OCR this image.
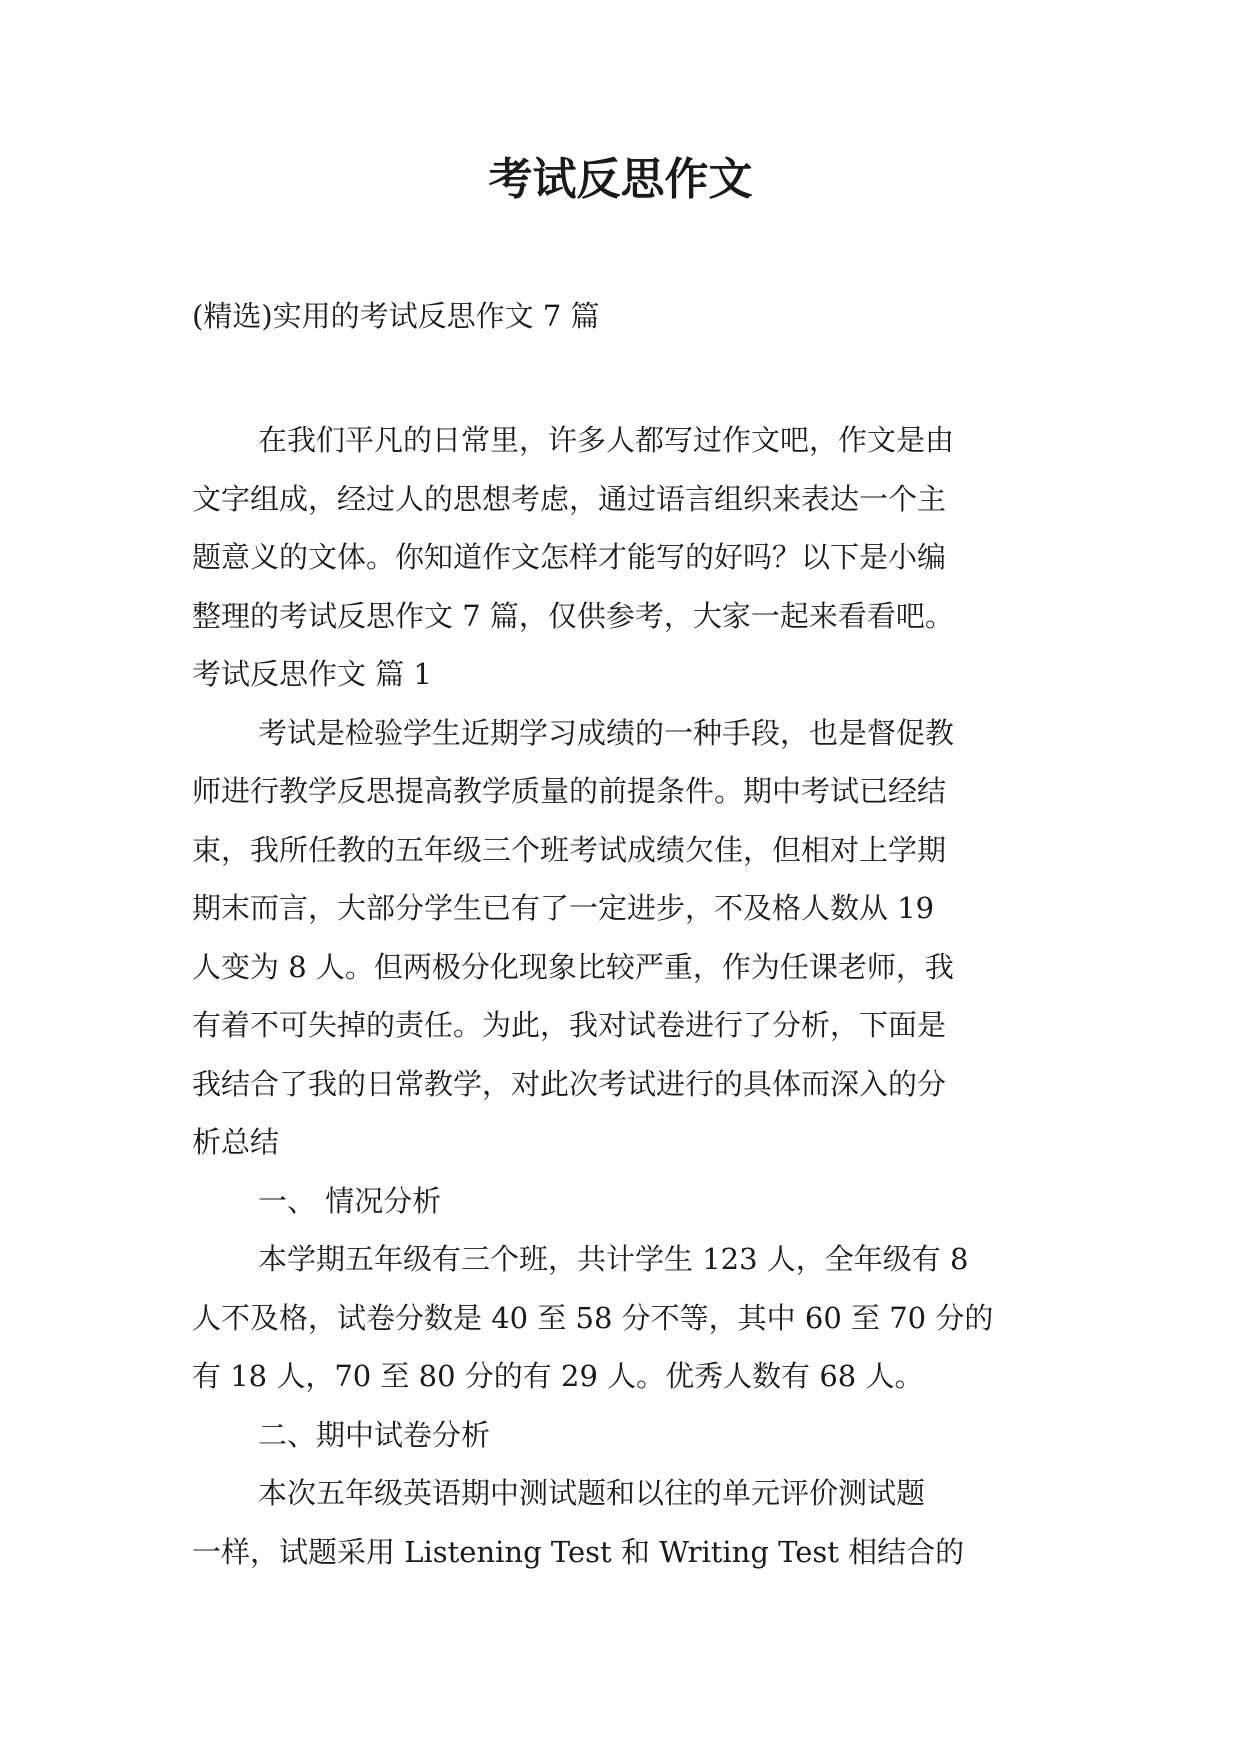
考试反思作文

(精选)实用的考试反思作文 7 篇

在我们平凡的日常里，许多人都写过作文吧，作文是由

文字组成，经过人的思想考虑，通过语言组织来表达一个主

题意义的文体。你知道作文怎样才能写的好吗？以下是小编

整理的考试反思作文 7 篇，仅供参考，大家一起来看看吧。

考试反思作文 篇 1

考试是检验学生近期学习成绩的一种手段，也是督促教

师进行教学反思提高教学质量的前提条件。期中考试已经结

束，我所任教的五年级三个班考试成绩欠佳，但相对上学期

期末而言，大部分学生已有了一定进步，不及格人数从 19

人变为 8 人。但两极分化现象比较严重，作为任课老师，我

有着不可失掉的责任。为此，我对试卷进行了分析，下面是

我结合了我的日常教学，对此次考试进行的具体而深入的分

析总结

一、 情况分析

本学期五年级有三个班，共计学生 123 人，全年级有 8

人不及格，试卷分数是 40 至 58 分不等，其中 60 至 70 分的

有 18 人，70 至 80 分的有 29 人。优秀人数有 68 人。

二、期中试卷分析

本次五年级英语期中测试题和以往的单元评价测试题

一样，试题采用 Listening Test 和 Writing Test 相结合的
